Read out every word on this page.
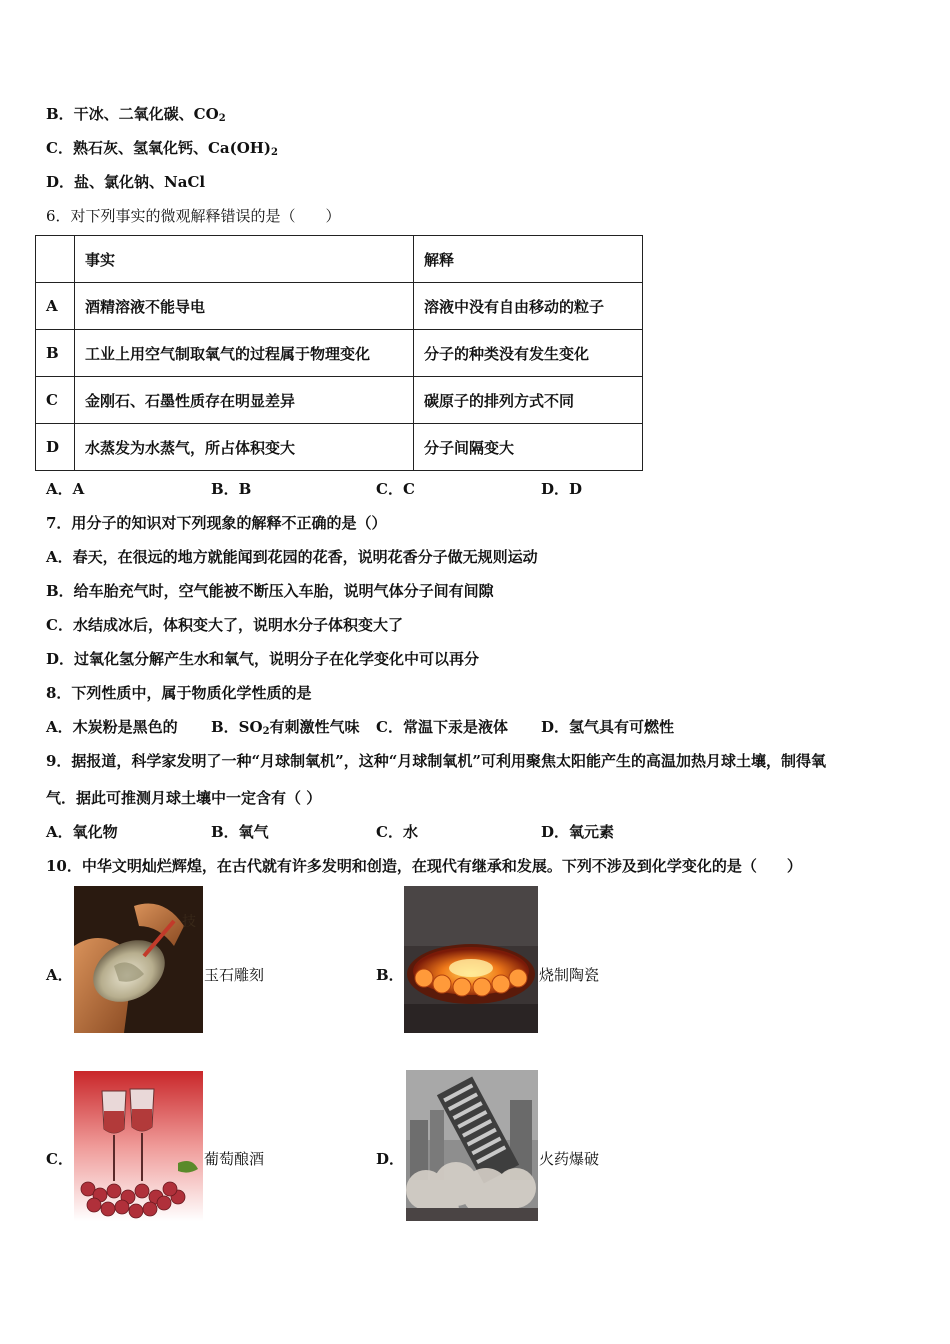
B．干冰、二氧化碳、$CO_2$
C．熟石灰、氢氧化钙、$Ca(OH)_2$
D．盐、氯化钠、NaCl
6．对下列事实的微观解释错误的是（　　）
	事实	解释
A	酒精溶液不能导电	溶液中没有自由移动的粒子
B	工业上用空气制取氧气的过程属于物理变化	分子的种类没有发生变化
C	金刚石、石墨性质存在明显差异	碳原子的排列方式不同
D	水蒸发为水蒸气，所占体积变大	分子间隔变大
A．A	B．B	C．C	D．D
7．用分子的知识对下列现象的解释不正确的是（）
A．春天，在很远的地方就能闻到花园的花香，说明花香分子做无规则运动
B．给车胎充气时，空气能被不断压入车胎，说明气体分子间有间隙
C．水结成冰后，体积变大了，说明水分子体积变大了
D．过氧化氢分解产生水和氧气，说明分子在化学变化中可以再分
8．下列性质中，属于物质化学性质的是
A．木炭粉是黑色的 B．$SO_2$有刺激性气味 C．常温下汞是液体 D．氢气具有可燃性
9．据报道，科学家发明了一种“月球制氧机”，这种“月球制氧机”可利用聚焦太阳能产生的高温加热月球土壤，制得氧
气．据此可推测月球土壤中一定含有（ ）
A．氧化物	B．氧气	C．水	D．氧元素
10．中华文明灿烂辉煌，在古代就有许多发明和创造，在现代有继承和发展。下列不涉及到化学变化的是（　　）
A．
技
玉石雕刻	B．	烧制陶瓷
C．	葡萄酿酒	D．	火药爆破
